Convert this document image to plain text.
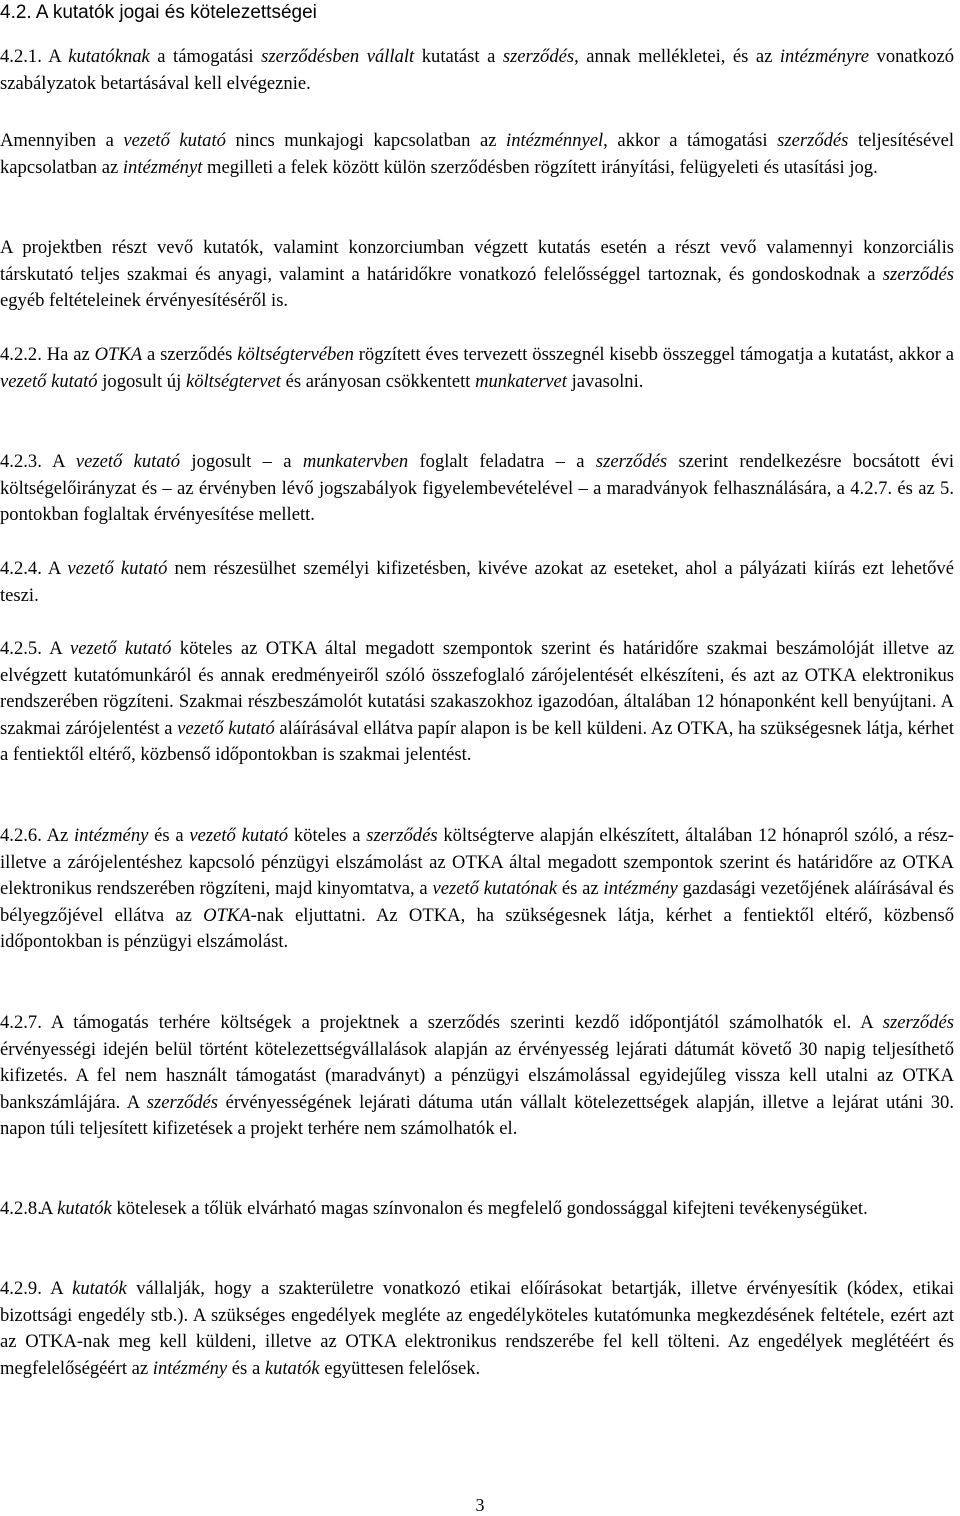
4.2. A kutatók jogai és kötelezettségei
4.2.1. A kutatóknak a támogatási szerződésben vállalt kutatást a szerződés, annak mellékletei, és az intézményre vonatkozó szabályzatok betartásával kell elvégeznie.
Amennyiben a vezető kutató nincs munkajogi kapcsolatban az intézménnyel, akkor a támogatási szerződés teljesítésével kapcsolatban az intézményt megilleti a felek között külön szerződésben rögzített irányítási, felügyeleti és utasítási jog.
A projektben részt vevő kutatók, valamint konzorciumban végzett kutatás esetén a részt vevő valamennyi konzorciális társkutató teljes szakmai és anyagi, valamint a határidőkre vonatkozó felelősséggel tartoznak, és gondoskodnak a szerződés egyéb feltételeinek érvényesítéséről is.
4.2.2. Ha az OTKA a szerződés költségtervében rögzített éves tervezett összegnél kisebb összeggel támogatja a kutatást, akkor a vezető kutató jogosult új költségtervet és arányosan csökkentett munkatervet javasolni.
4.2.3. A vezető kutató jogosult – a munkatervben foglalt feladatra – a szerződés szerint rendelkezésre bocsátott évi költségelőirányzat és – az érvényben lévő jogszabályok figyelembevételével – a maradványok felhasználására, a 4.2.7. és az 5. pontokban foglaltak érvényesítése mellett.
4.2.4. A vezető kutató nem részesülhet személyi kifizetésben, kivéve azokat az eseteket, ahol a pályázati kiírás ezt lehetővé teszi.
4.2.5. A vezető kutató köteles az OTKA által megadott szempontok szerint és határidőre szakmai beszámolóját illetve az elvégzett kutatómunkáról és annak eredményeiről szóló összefoglaló zárójelentését elkészíteni, és azt az OTKA elektronikus rendszerében rögzíteni. Szakmai részbeszámolót kutatási szakaszokhoz igazodóan, általában 12 hónaponként kell benyújtani. A szakmai zárójelentést a vezető kutató aláírásával ellátva papír alapon is be kell küldeni. Az OTKA, ha szükségesnek látja, kérhet a fentiektől eltérő, közbenső időpontokban is szakmai jelentést.
4.2.6. Az intézmény és a vezető kutató köteles a szerződés költségterve alapján elkészített, általában 12 hónapról szóló, a rész- illetve a zárójelentéshez kapcsoló pénzügyi elszámolást az OTKA által megadott szempontok szerint és határidőre az OTKA elektronikus rendszerében rögzíteni, majd kinyomtatva, a vezető kutatónak és az intézmény gazdasági vezetőjének aláírásával és bélyegzőjével ellátva az OTKA-nak eljuttatni. Az OTKA, ha szükségesnek látja, kérhet a fentiektől eltérő, közbenső időpontokban is pénzügyi elszámolást.
4.2.7. A támogatás terhére költségek a projektnek a szerződés szerinti kezdő időpontjától számolhatók el. A szerződés érvényességi idején belül történt kötelezettségvállalások alapján az érvényesség lejárati dátumát követő 30 napig teljesíthető kifizetés. A fel nem használt támogatást (maradványt) a pénzügyi elszámolással egyidejűleg vissza kell utalni az OTKA bankszámlájára. A szerződés érvényességének lejárati dátuma után vállalt kötelezettségek alapján, illetve a lejárat utáni 30. napon túli teljesített kifizetések a projekt terhére nem számolhatók el.
4.2.8.A kutatók kötelesek a tőlük elvárható magas színvonalon és megfelelő gondossággal kifejteni tevékenységüket.
4.2.9. A kutatók vállalják, hogy a szakterületre vonatkozó etikai előírásokat betartják, illetve érvényesítik (kódex, etikai bizottsági engedély stb.). A szükséges engedélyek megléte az engedélyköteles kutatómunka megkezdésének feltétele, ezért azt az OTKA-nak meg kell küldeni, illetve az OTKA elektronikus rendszerébe fel kell tölteni. Az engedélyek meglétéért és megfelelőségéért az intézmény és a kutatók együttesen felelősek.
3
